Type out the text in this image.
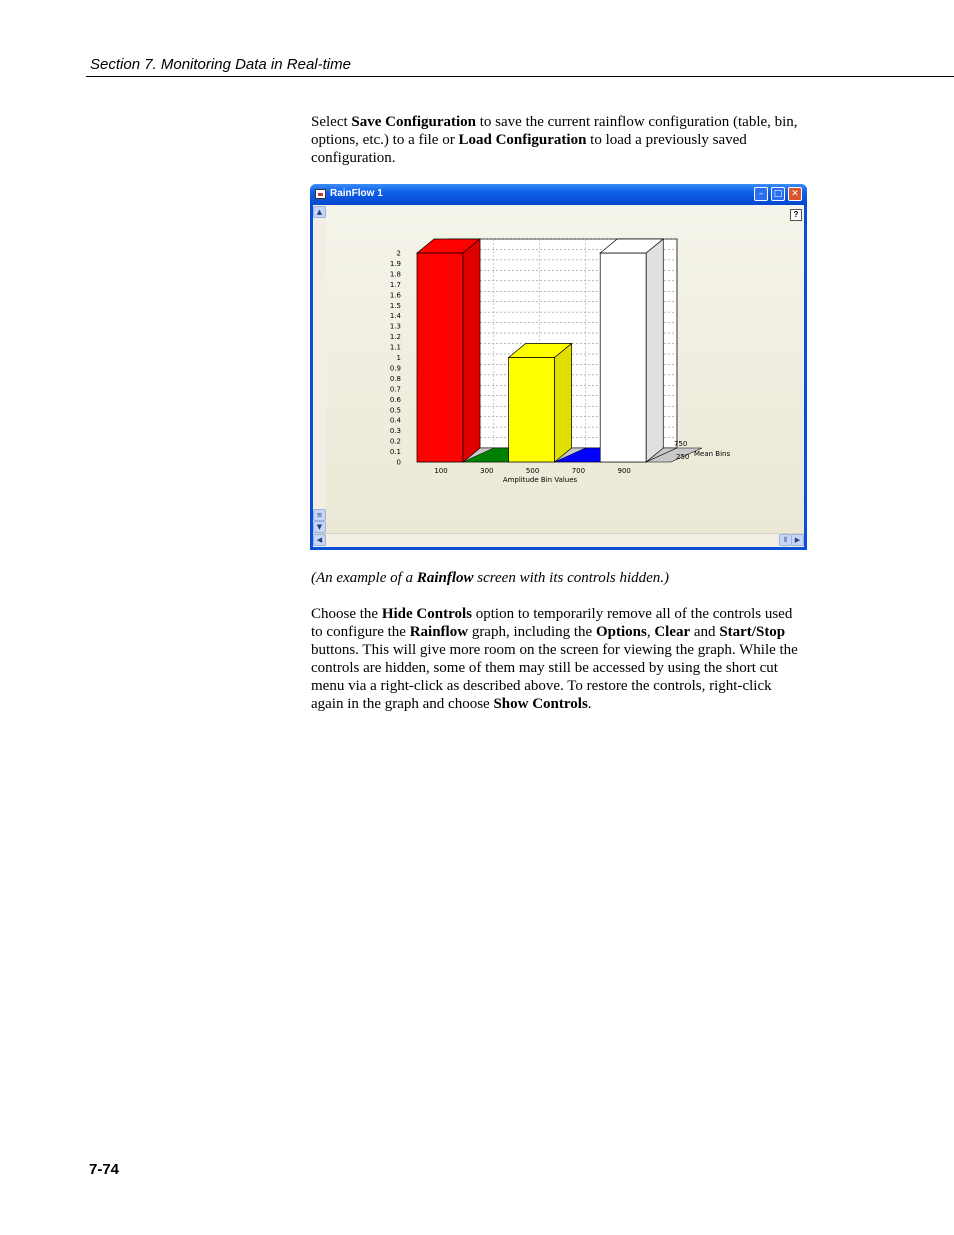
Section 7. Monitoring Data in Real-time

Select Save Configuration to save the current rainflow configuration (table, bin, options, etc.) to a file or Load Configuration to load a previously saved configuration.

RainFlow 1	–	□ ✕
▲
≡
▼
0
0.1
0.2
0.3
0.4
0.5
0.6
0.7
0.8
0.9
1
1.1
1.2
1.3
1.4
1.5
1.6
1.7
1.8
1.9
2
100	300	500	700	900
Amplitude Bin Values
250
750
Mean Bins
?
◀	⦀	▶

(An example of a Rainflow screen with its controls hidden.)

Choose the Hide Controls option to temporarily remove all of the controls used to configure the Rainflow graph, including the Options, Clear and Start/Stop buttons. This will give more room on the screen for viewing the graph. While the controls are hidden, some of them may still be accessed by using the short cut menu via a right-click as described above. To restore the controls, right-click again in the graph and choose Show Controls.

7-74
